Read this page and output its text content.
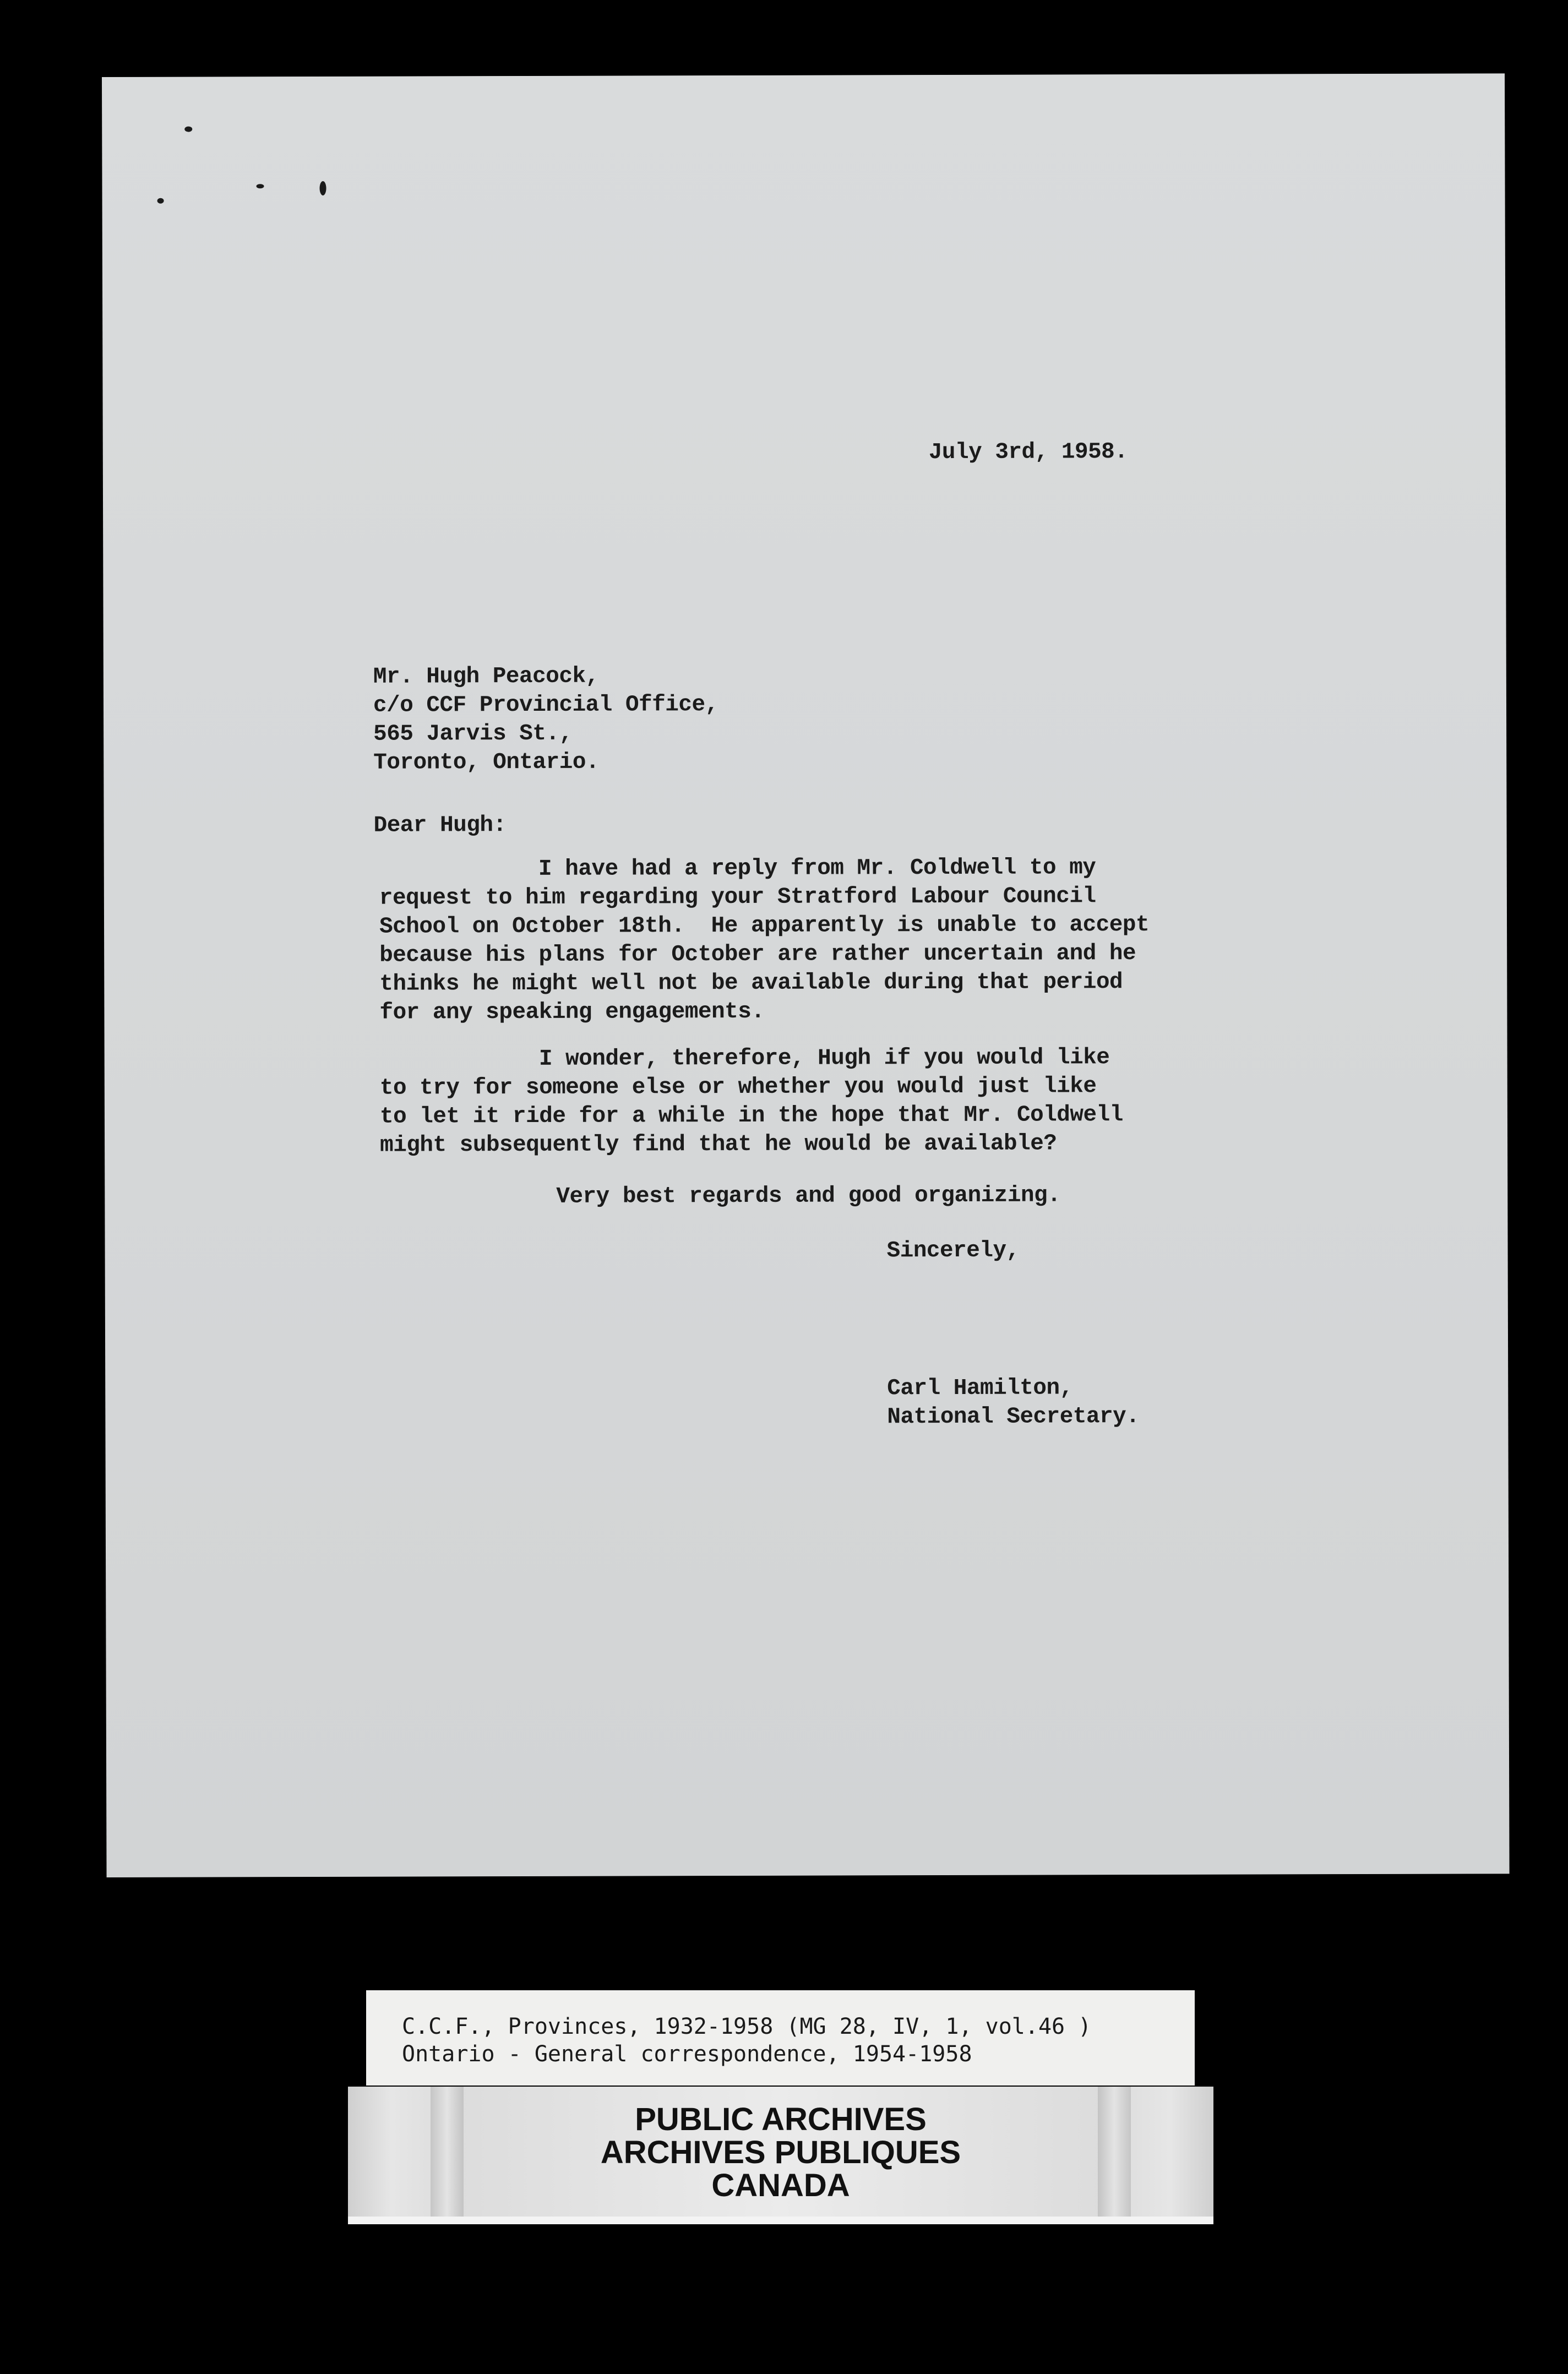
July 3rd, 1958.
Mr. Hugh Peacock,
c/o CCF Provincial Office,
565 Jarvis St.,
Toronto, Ontario.
Dear Hugh:
I have had a reply from Mr. Coldwell to my
request to him regarding your Stratford Labour Council
School on October 18th.  He apparently is unable to accept
because his plans for October are rather uncertain and he
thinks he might well not be available during that period
for any speaking engagements.
I wonder, therefore, Hugh if you would like
to try for someone else or whether you would just like
to let it ride for a while in the hope that Mr. Coldwell
might subsequently find that he would be available?
Very best regards and good organizing.
Sincerely,
Carl Hamilton,
National Secretary.
C.C.F., Provinces, 1932-1958 (MG 28, IV, 1, vol.46 )
Ontario - General correspondence, 1954-1958
PUBLIC ARCHIVES
ARCHIVES PUBLIQUES
CANADA
